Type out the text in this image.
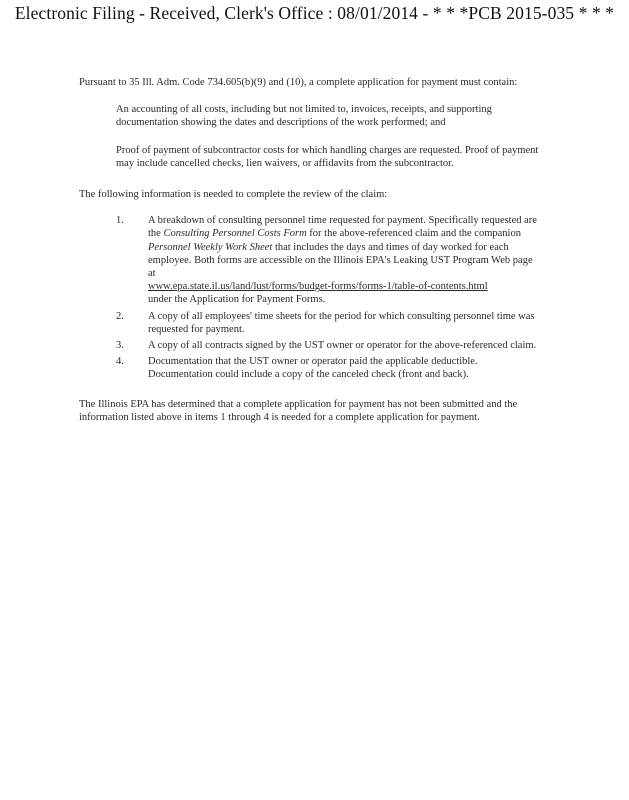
Electronic Filing - Received, Clerk's Office : 08/01/2014 - * * *PCB 2015-035 * * *

Pursuant to 35 Ill. Adm. Code 734.605(b)(9) and (10), a complete application for payment must contain:

An accounting of all costs, including but not limited to, invoices, receipts, and supporting documentation showing the dates and descriptions of the work performed; and

Proof of payment of subcontractor costs for which handling charges are requested. Proof of payment may include cancelled checks, lien waivers, or affidavits from the subcontractor.

The following information is needed to complete the review of the claim:

1.	A breakdown of consulting personnel time requested for payment. Specifically requested are the Consulting Personnel Costs Form for the above-referenced claim and the companion Personnel Weekly Work Sheet that includes the days and times of day worked for each employee. Both forms are accessible on the Illinois EPA's Leaking UST Program Web page at
www.epa.state.il.us/land/lust/forms/budget-forms/forms-1/table-of-contents.html
under the Application for Payment Forms.
2.	A copy of all employees' time sheets for the period for which consulting personnel time was requested for payment.
3.	A copy of all contracts signed by the UST owner or operator for the above-referenced claim.
4.	Documentation that the UST owner or operator paid the applicable deductible. Documentation could include a copy of the canceled check (front and back).

The Illinois EPA has determined that a complete application for payment has not been submitted and the information listed above in items 1 through 4 is needed for a complete application for payment.
